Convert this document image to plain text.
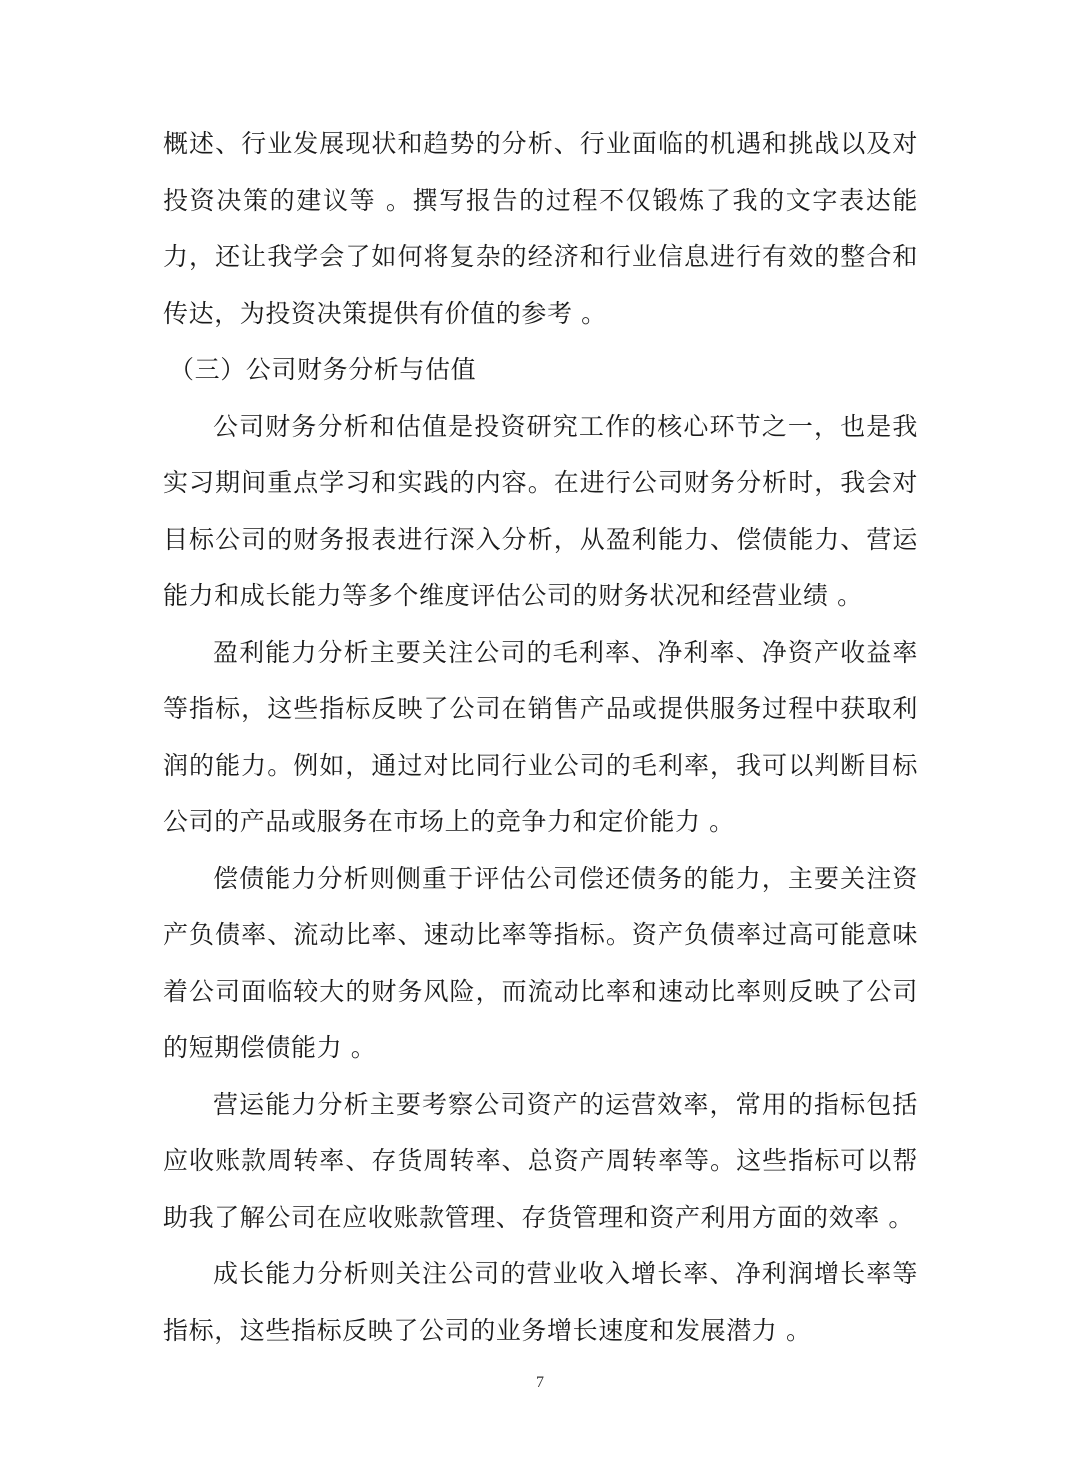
概述、行业发展现状和趋势的分析、行业面临的机遇和挑战以及对投资决策的建议等 。撰写报告的过程不仅锻炼了我的文字表达能力，还让我学会了如何将复杂的经济和行业信息进行有效的整合和传达，为投资决策提供有价值的参考 。

（三）公司财务分析与估值

公司财务分析和估值是投资研究工作的核心环节之一，也是我实习期间重点学习和实践的内容。在进行公司财务分析时，我会对目标公司的财务报表进行深入分析，从盈利能力、偿债能力、营运能力和成长能力等多个维度评估公司的财务状况和经营业绩 。

盈利能力分析主要关注公司的毛利率、净利率、净资产收益率等指标，这些指标反映了公司在销售产品或提供服务过程中获取利润的能力。例如，通过对比同行业公司的毛利率，我可以判断目标公司的产品或服务在市场上的竞争力和定价能力 。

偿债能力分析则侧重于评估公司偿还债务的能力，主要关注资产负债率、流动比率、速动比率等指标。资产负债率过高可能意味着公司面临较大的财务风险，而流动比率和速动比率则反映了公司的短期偿债能力 。

营运能力分析主要考察公司资产的运营效率，常用的指标包括应收账款周转率、存货周转率、总资产周转率等。这些指标可以帮助我了解公司在应收账款管理、存货管理和资产利用方面的效率 。

成长能力分析则关注公司的营业收入增长率、净利润增长率等指标，这些指标反映了公司的业务增长速度和发展潜力 。

7
